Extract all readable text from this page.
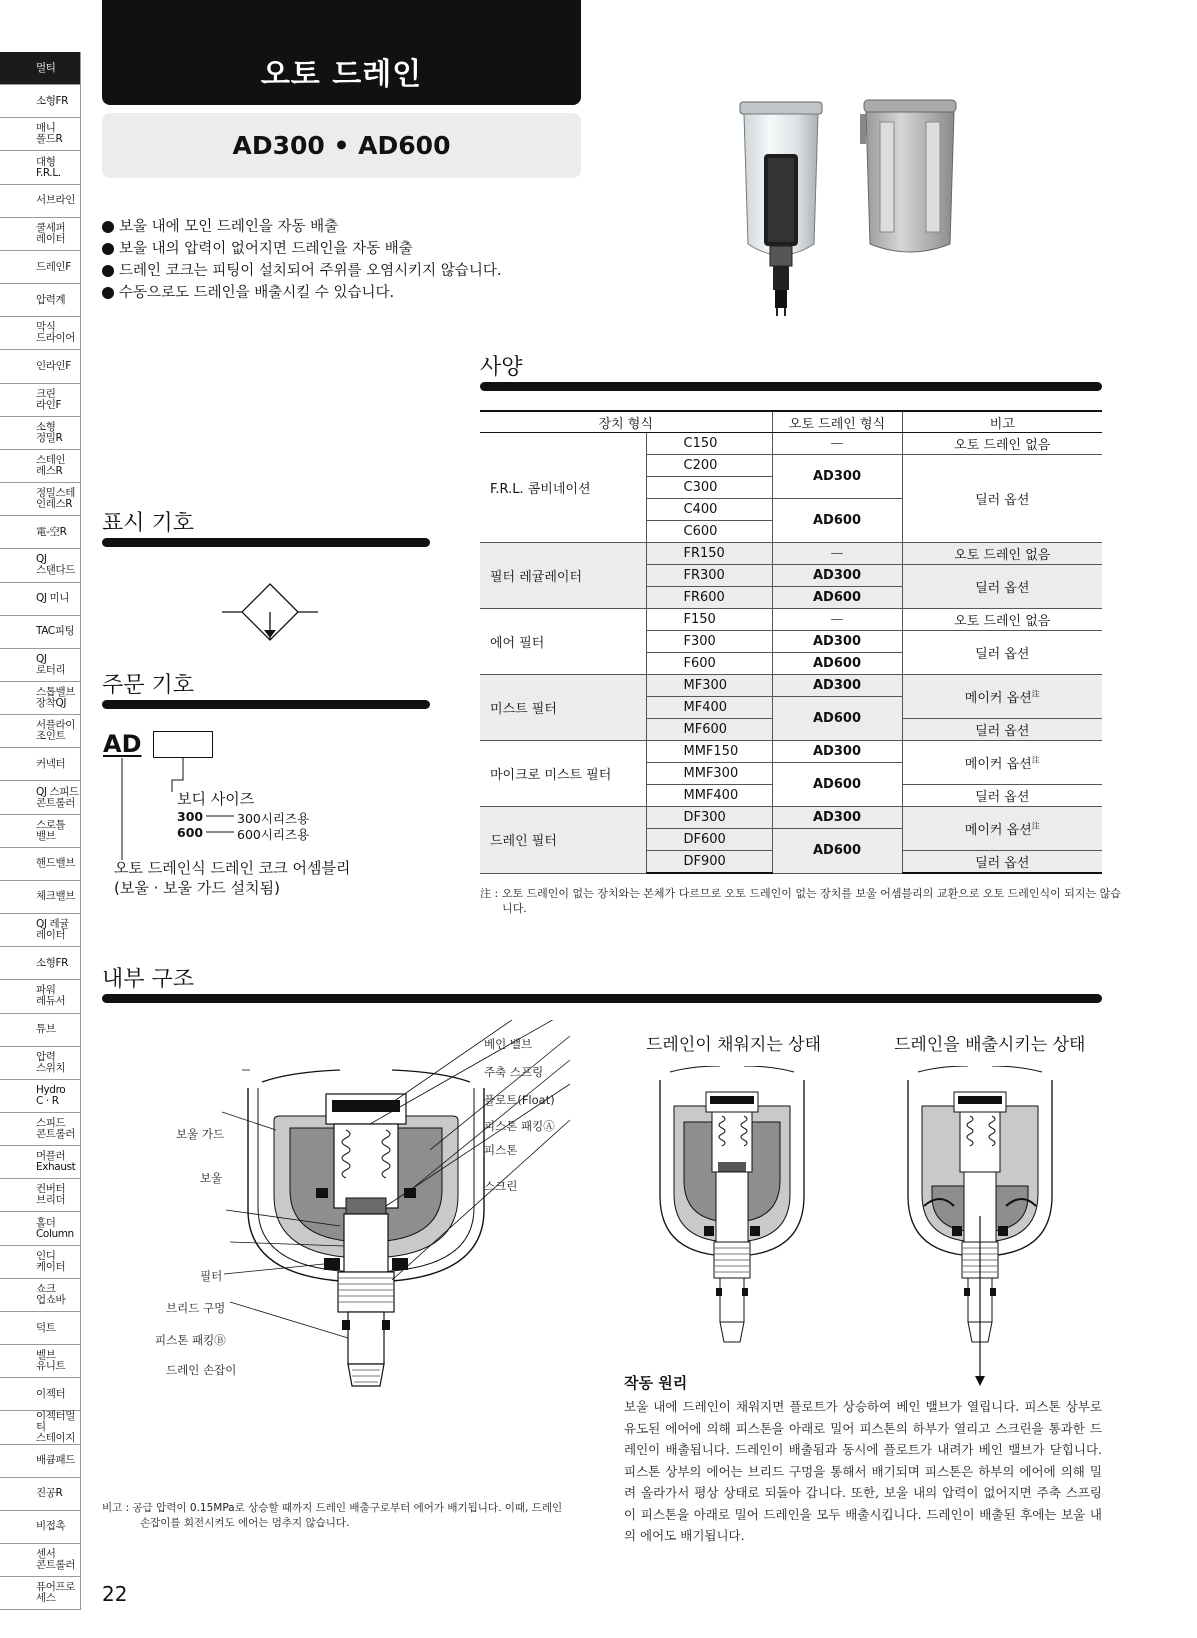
멀티
소형FR
매니
폴드R
대형
F.R.L.
서브라인
쿨세퍼
레이터
드레인F
압력계
막식
드라이어
인라인F
크린
라인F
소형
정밀R
스테인
레스R
정밀스테
인레스R
電-空R
QJ
스탠다드
QJ 미니
TAC피팅
QJ
로터리
스톱밸브
장착QJ
서플라이
조인트
커넥터
QJ 스피드
콘트롤러
스로틀
밸브
핸드밸브
체크밸브
QJ 레귤
레이터
소형FR
파워
레듀서
튜브
압력
스위치
Hydro
C · R
스피드
콘트롤러
머플러
Exhaust
컨버터
브리더
홀더
Column
인디
케이터
쇼크
업쇼바
덕트
벨브
유니트
이젝터
이젝터멀티
스테이지
배큠패드
진공R
비접촉
센서
콘트롤러
퓨어프로
세스
오토 드레인
AD300 • AD600
보울 내에 모인 드레인을 자동 배출
보울 내의 압력이 없어지면 드레인을 자동 배출
드레인 코크는 피팅이 설치되어 주위를 오염시키지 않습니다.
수동으로도 드레인을 배출시킬 수 있습니다.
사양
장치 형식		오토 드레인 형식	비고
F.R.L. 콤비네이션	C150	—	오토 드레인 없음
	C200	AD300	딜러 옵션
	C300		
	C400	AD600	
	C600		
필터 레귤레이터	FR150	—	오토 드레인 없음
	FR300	AD300	딜러 옵션
	FR600	AD600	
에어 필터	F150	—	오토 드레인 없음
	F300	AD300	딜러 옵션
	F600	AD600	
미스트 필터	MF300	AD300	메이커 옵션$^注$
	MF400	AD600	
	MF600		딜러 옵션
마이크로 미스트 필터	MMF150	AD300	메이커 옵션$^注$
	MMF300	AD600	
	MMF400		딜러 옵션
드레인 필터	DF300	AD300	메이커 옵션$^注$
	DF600	AD600	
	DF900		딜러 옵션
注 : 오토 드레인이 없는 장치와는 본체가 다르므로 오토 드레인이 없는 장치를 보울 어셈블리의 교환으로 오토 드레인식이 되지는 않습니다.
표시 기호
주문 기호
AD
보디 사이즈
300	300시리즈용
600	600시리즈용
오토 드레인식 드레인 코크 어셈블리
(보울 · 보울 가드 설치됨)
내부 구조
베인 밸브
주축 스프링
플로트(Float)
피스톤 패킹Ⓐ
피스톤
스크린
보울 가드
보울
필터
브리드 구멍
피스톤 패킹Ⓑ
드레인 손잡이
드레인이 채워지는 상태	드레인을 배출시키는 상태
작동 원리
보울 내에 드레인이 채워지면 플로트가 상승하여 베인 밸브가 열립니다. 피스톤 상부로 유도된 에어에 의해 피스톤을 아래로 밀어 피스톤의 하부가 열리고 스크린을 통과한 드레인이 배출됩니다. 드레인이 배출됨과 동시에 플로트가 내려가 베인 밸브가 닫힙니다. 피스톤 상부의 에어는 브리드 구멍을 통해서 배기되며 피스톤은 하부의 에어에 의해 밀려 올라가서 평상 상태로 되돌아 갑니다. 또한, 보울 내의 압력이 없어지면 주축 스프링이 피스톤을 아래로 밀어 드레인을 모두 배출시킵니다. 드레인이 배출된 후에는 보울 내의 에어도 배기됩니다.
비고 : 공급 압력이 0.15MPa로 상승할 때까지 드레인 배출구로부터 에어가 배기됩니다. 이때, 드레인 손잡이를 회전시켜도 에어는 멈추지 않습니다.
22
